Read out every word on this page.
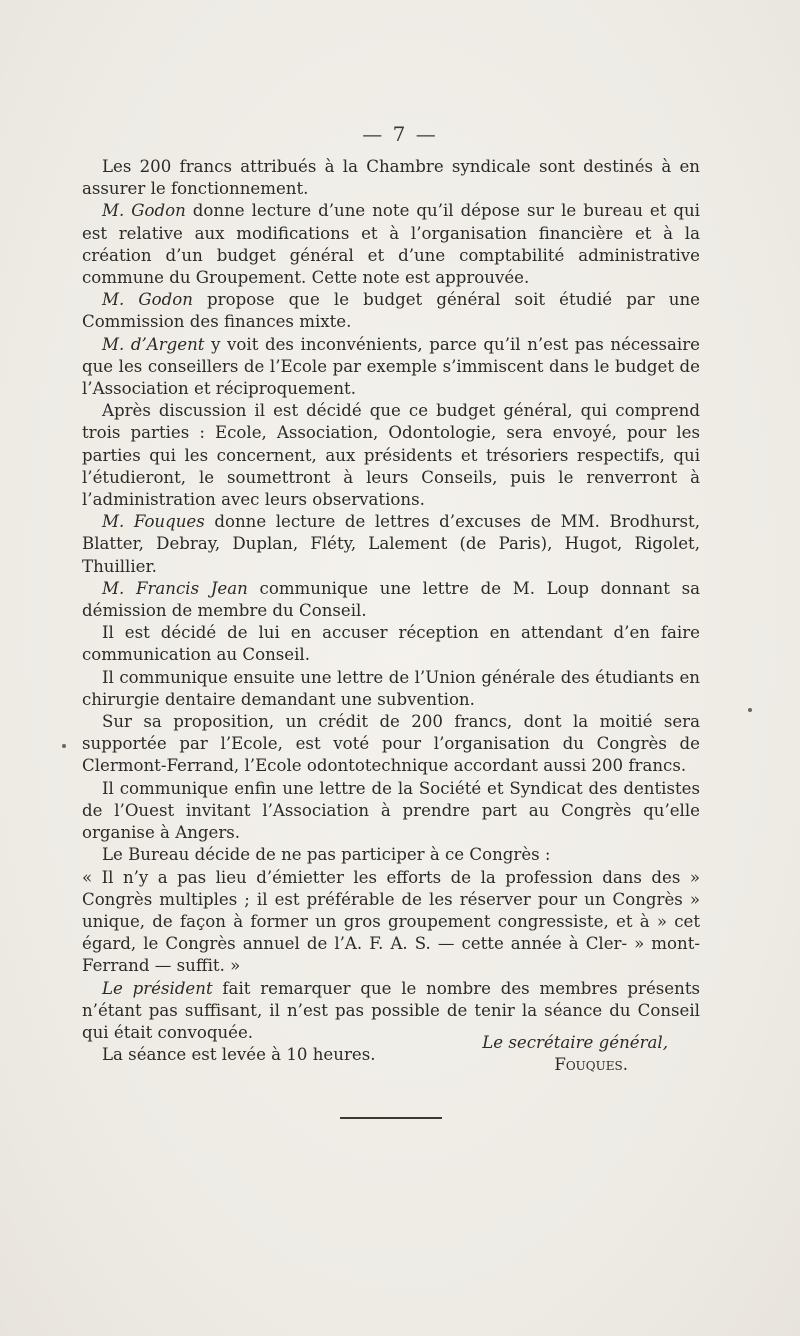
— 7 —

Les 200 francs attribués à la Chambre syndicale sont destinés à en assurer le fonctionnement.

M. Godon donne lecture d’une note qu’il dépose sur le bureau et qui est relative aux modifications et à l’organisation financière et à la création d’un budget général et d’une comptabilité administrative commune du Groupement. Cette note est approuvée.

M. Godon propose que le budget général soit étudié par une Commission des finances mixte.

M. d’Argent y voit des inconvénients, parce qu’il n’est pas nécessaire que les conseillers de l’Ecole par exemple s’immiscent dans le budget de l’Association et réciproquement.

Après discussion il est décidé que ce budget général, qui comprend trois parties : Ecole, Association, Odontologie, sera envoyé, pour les parties qui les concernent, aux présidents et trésoriers respectifs, qui l’étudieront, le soumettront à leurs Conseils, puis le renverront à l’administration avec leurs observations.

M. Fouques donne lecture de lettres d’excuses de MM. Brodhurst, Blatter, Debray, Duplan, Fléty, Lalement (de Paris), Hugot, Rigolet, Thuillier.

M. Francis Jean communique une lettre de M. Loup donnant sa démission de membre du Conseil.

Il est décidé de lui en accuser réception en attendant d’en faire communication au Conseil.

Il communique ensuite une lettre de l’Union générale des étudiants en chirurgie dentaire demandant une subvention.

Sur sa proposition, un crédit de 200 francs, dont la moitié sera supportée par l’Ecole, est voté pour l’organisation du Congrès de Clermont-Ferrand, l’Ecole odontotechnique accordant aussi 200 francs.

Il communique enfin une lettre de la Société et Syndicat des dentistes de l’Ouest invitant l’Association à prendre part au Congrès qu’elle organise à Angers.

Le Bureau décide de ne pas participer à ce Congrès :

« Il n’y a pas lieu d’émietter les efforts de la profession dans des » Congrès multiples ; il est préférable de les réserver pour un Congrès » unique, de façon à former un gros groupement congressiste, et à » cet égard, le Congrès annuel de l’A. F. A. S. — cette année à Cler- » mont-Ferrand — suffit. »

Le président fait remarquer que le nombre des membres présents n’étant pas suffisant, il n’est pas possible de tenir la séance du Conseil qui était convoquée.

La séance est levée à 10 heures.

Le secrétaire général,
Fouques.
